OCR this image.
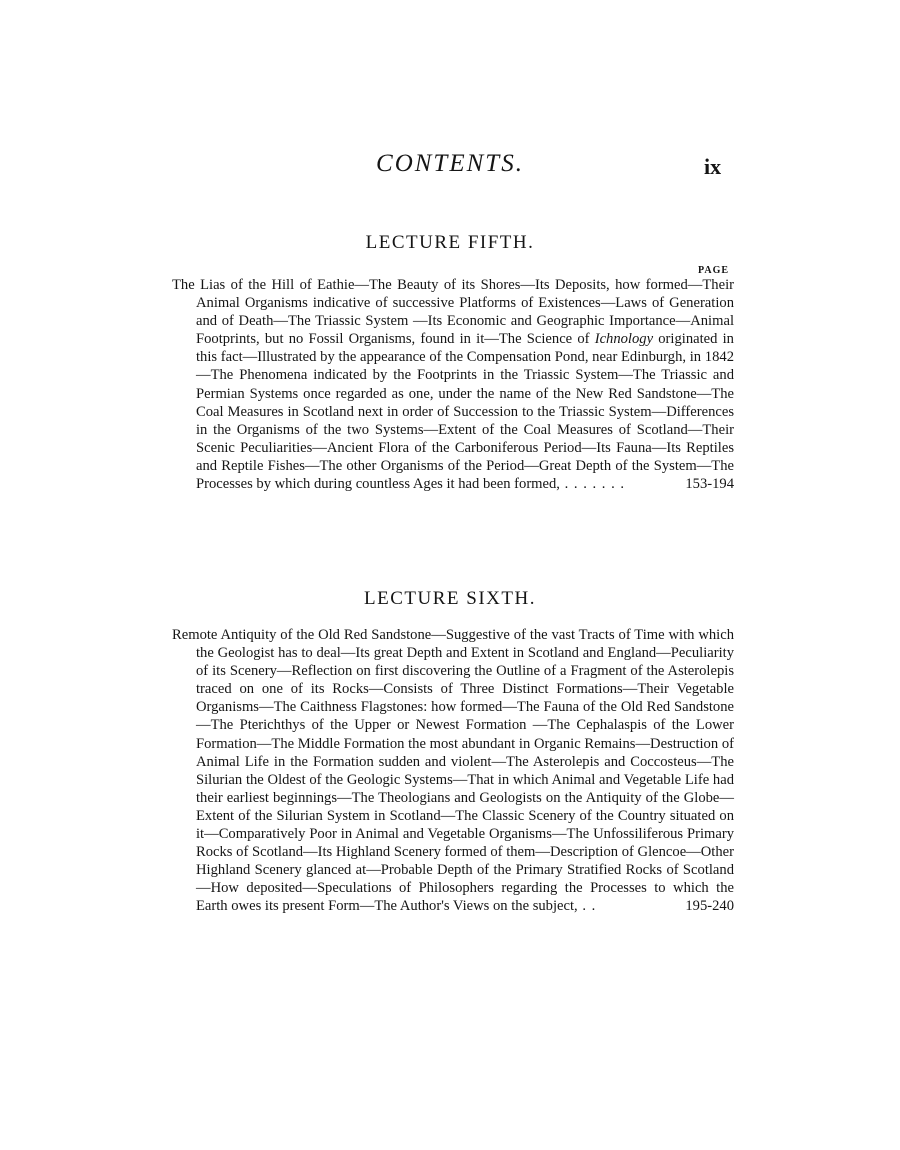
CONTENTS.	ix
LECTURE FIFTH.
PAGE
The Lias of the Hill of Eathie—The Beauty of its Shores—Its Deposits, how formed—Their Animal Organisms indicative of successive Platforms of Existences—Laws of Generation and of Death—The Triassic System —Its Economic and Geographic Importance—Animal Footprints, but no Fossil Organisms, found in it—The Science of Ichnology originated in this fact—Illustrated by the appearance of the Compensation Pond, near Edinburgh, in 1842—The Phenomena indicated by the Footprints in the Triassic System—The Triassic and Permian Systems once regarded as one, under the name of the New Red Sandstone—The Coal Measures in Scotland next in order of Succession to the Triassic System—Differences in the Organisms of the two Systems—Extent of the Coal Measures of Scotland—Their Scenic Peculiarities—Ancient Flora of the Carboniferous Period—Its Fauna—Its Reptiles and Reptile Fishes—The other Organisms of the Period—Great Depth of the System—The Processes by which during countless Ages it had been formed, . . . . . . .	153-194
LECTURE SIXTH.
Remote Antiquity of the Old Red Sandstone—Suggestive of the vast Tracts of Time with which the Geologist has to deal—Its great Depth and Extent in Scotland and England—Peculiarity of its Scenery—Reflection on first discovering the Outline of a Fragment of the Asterolepis traced on one of its Rocks—Consists of Three Distinct Formations—Their Vegetable Organisms—The Caithness Flagstones: how formed—The Fauna of the Old Red Sandstone—The Pterichthys of the Upper or Newest Formation —The Cephalaspis of the Lower Formation—The Middle Formation the most abundant in Organic Remains—Destruction of Animal Life in the Formation sudden and violent—The Asterolepis and Coccosteus—The Silurian the Oldest of the Geologic Systems—That in which Animal and Vegetable Life had their earliest beginnings—The Theologians and Geologists on the Antiquity of the Globe—Extent of the Silurian System in Scotland—The Classic Scenery of the Country situated on it—Comparatively Poor in Animal and Vegetable Organisms—The Unfossiliferous Primary Rocks of Scotland—Its Highland Scenery formed of them—Description of Glencoe—Other Highland Scenery glanced at—Probable Depth of the Primary Stratified Rocks of Scotland—How deposited—Speculations of Philosophers regarding the Processes to which the Earth owes its present Form—The Author's Views on the subject, . .	195-240
